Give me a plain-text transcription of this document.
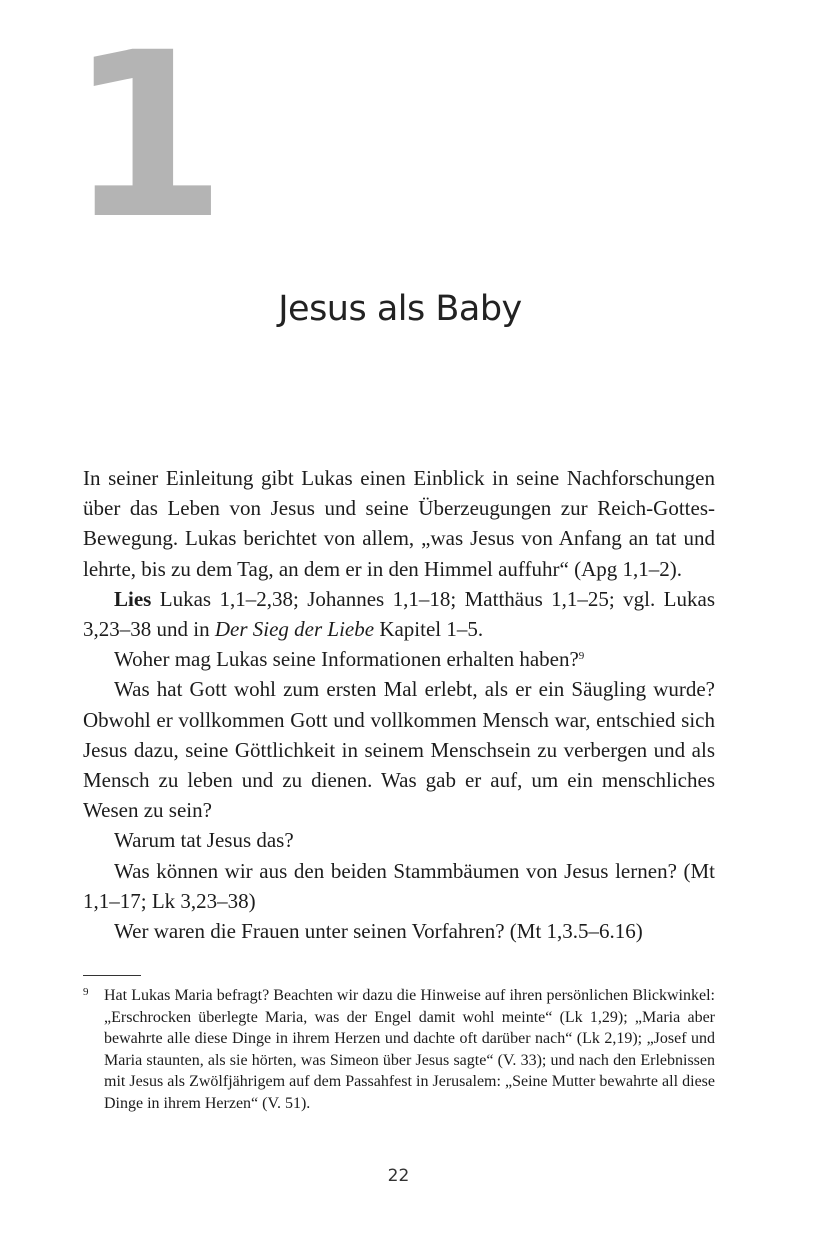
1
Jesus als Baby

In seiner Einleitung gibt Lukas einen Einblick in seine Nachforschungen über das Leben von Jesus und seine Überzeugungen zur Reich-Gottes-Bewegung. Lukas berichtet von allem, „was Jesus von Anfang an tat und lehrte, bis zu dem Tag, an dem er in den Himmel auffuhr“ (Apg 1,1–2).

Lies Lukas 1,1–2,38; Johannes 1,1–18; Matthäus 1,1–25; vgl. Lukas 3,23–38 und in Der Sieg der Liebe Kapitel 1–5.

Woher mag Lukas seine Informationen erhalten haben?$^9$

Was hat Gott wohl zum ersten Mal erlebt, als er ein Säugling wurde? Obwohl er vollkommen Gott und vollkommen Mensch war, entschied sich Jesus dazu, seine Göttlichkeit in seinem Menschsein zu verbergen und als Mensch zu leben und zu dienen. Was gab er auf, um ein menschliches Wesen zu sein?

Warum tat Jesus das?

Was können wir aus den beiden Stammbäumen von Jesus lernen? (Mt 1,1–17; Lk 3,23–38)

Wer waren die Frauen unter seinen Vorfahren? (Mt 1,3.5–6.16)

9 Hat Lukas Maria befragt? Beachten wir dazu die Hinweise auf ihren persönlichen Blickwinkel: „Erschrocken überlegte Maria, was der Engel damit wohl meinte“ (Lk 1,29); „Maria aber bewahrte alle diese Dinge in ihrem Herzen und dachte oft darüber nach“ (Lk 2,19); „Josef und Maria staunten, als sie hörten, was Simeon über Jesus sagte“ (V. 33); und nach den Erlebnissen mit Jesus als Zwölfjährigem auf dem Passahfest in Jerusalem: „Seine Mutter bewahrte all diese Dinge in ihrem Herzen“ (V. 51).
22
